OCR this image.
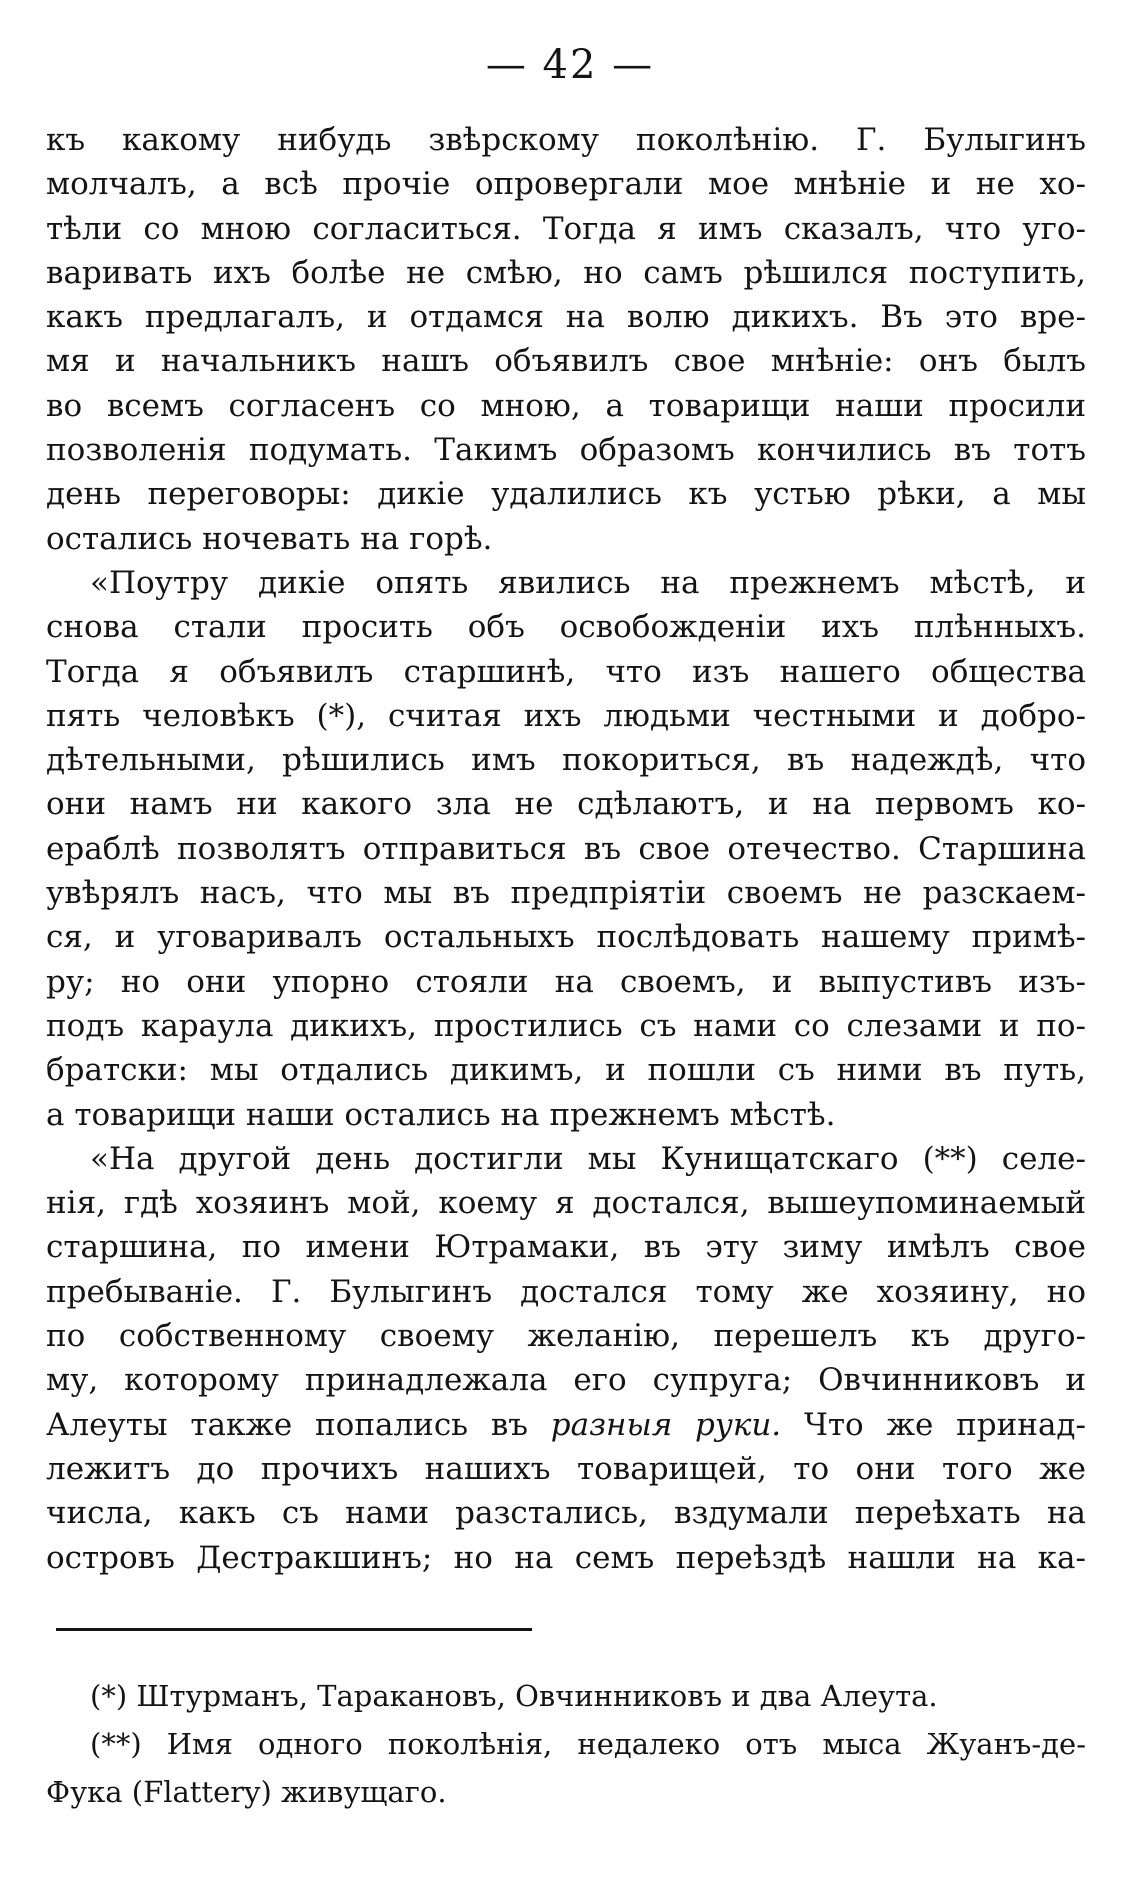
— 42 —
къ какому нибудь звѣрскому поколѣнію. Г. Булыгинъ
молчалъ, а всѣ прочіе опровергали мое мнѣніе и не хо-
тѣли со мною согласиться. Тогда я имъ сказалъ, что уго-
варивать ихъ болѣе не смѣю, но самъ рѣшился поступить,
какъ предлагалъ, и отдамся на волю дикихъ. Въ это вре-
мя и начальникъ нашъ объявилъ свое мнѣніе: онъ былъ
во всемъ согласенъ со мною, а товарищи наши просили
позволенія подумать. Такимъ образомъ кончились въ тотъ
день переговоры: дикіе удалились къ устью рѣки, а мы
остались ночевать на горѣ.
«Поутру дикіе опять явились на прежнемъ мѣстѣ, и
снова стали просить объ освобожденіи ихъ плѣнныхъ.
Тогда я объявилъ старшинѣ, что изъ нашего общества
пять человѣкъ (*), считая ихъ людьми честными и добро-
дѣтельными, рѣшились имъ покориться, въ надеждѣ, что
они намъ ни какого зла не сдѣлаютъ, и на первомъ ко-
ераблѣ позволятъ отправиться въ свое отечество. Старшина
увѣрялъ насъ, что мы въ предпріятіи своемъ не разскаем-
ся, и уговаривалъ остальныхъ послѣдовать нашему примѣ-
ру; но они упорно стояли на своемъ, и выпустивъ изъ-
подъ караула дикихъ, простились съ нами со слезами и по-
братски: мы отдались дикимъ, и пошли съ ними въ путь,
а товарищи наши остались на прежнемъ мѣстѣ.
«На другой день достигли мы Кунищатскаго (**) селе-
нія, гдѣ хозяинъ мой, коему я достался, вышеупоминаемый
старшина, по имени Ютрамаки, въ эту зиму имѣлъ свое
пребываніе. Г. Булыгинъ достался тому же хозяину, но
по собственному своему желанію, перешелъ къ друго-
му, которому принадлежала его супруга; Овчинниковъ и
Алеуты также попались въ разныя руки. Что же принад-
лежитъ до прочихъ нашихъ товарищей, то они того же
числа, какъ съ нами разстались, вздумали переѣхать на
островъ Дестракшинъ; но на семъ переѣздѣ нашли на ка-
(*) Штурманъ, Таракановъ, Овчинниковъ и два Алеута.
(**) Имя одного поколѣнія, недалеко отъ мыса Жуанъ-де-
Фука (Flattery) живущаго.
